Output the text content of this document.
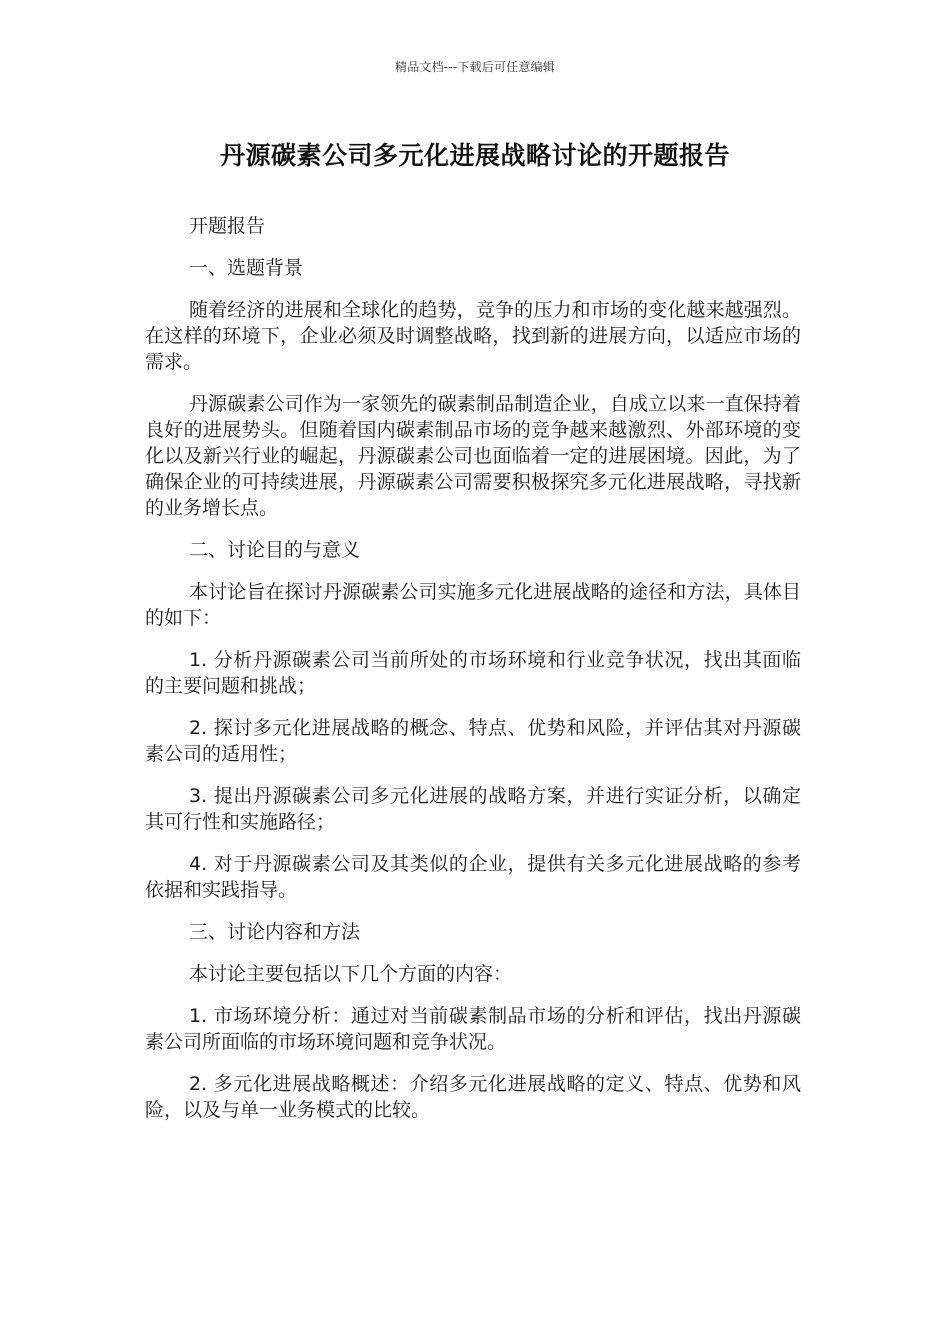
精品文档---下载后可任意编辑
丹源碳素公司多元化进展战略讨论的开题报告

开题报告

一、选题背景

随着经济的进展和全球化的趋势，竞争的压力和市场的变化越来越强烈。在这样的环境下，企业必须及时调整战略，找到新的进展方向，以适应市场的需求。

丹源碳素公司作为一家领先的碳素制品制造企业，自成立以来一直保持着良好的进展势头。但随着国内碳素制品市场的竞争越来越激烈、外部环境的变化以及新兴行业的崛起，丹源碳素公司也面临着一定的进展困境。因此，为了确保企业的可持续进展，丹源碳素公司需要积极探究多元化进展战略，寻找新的业务增长点。

二、讨论目的与意义

本讨论旨在探讨丹源碳素公司实施多元化进展战略的途径和方法，具体目的如下：

1. 分析丹源碳素公司当前所处的市场环境和行业竞争状况，找出其面临的主要问题和挑战；

2. 探讨多元化进展战略的概念、特点、优势和风险，并评估其对丹源碳素公司的适用性；

3. 提出丹源碳素公司多元化进展的战略方案，并进行实证分析，以确定其可行性和实施路径；

4. 对于丹源碳素公司及其类似的企业，提供有关多元化进展战略的参考依据和实践指导。

三、讨论内容和方法

本讨论主要包括以下几个方面的内容：

1. 市场环境分析：通过对当前碳素制品市场的分析和评估，找出丹源碳素公司所面临的市场环境问题和竞争状况。

2. 多元化进展战略概述：介绍多元化进展战略的定义、特点、优势和风险，以及与单一业务模式的比较。
